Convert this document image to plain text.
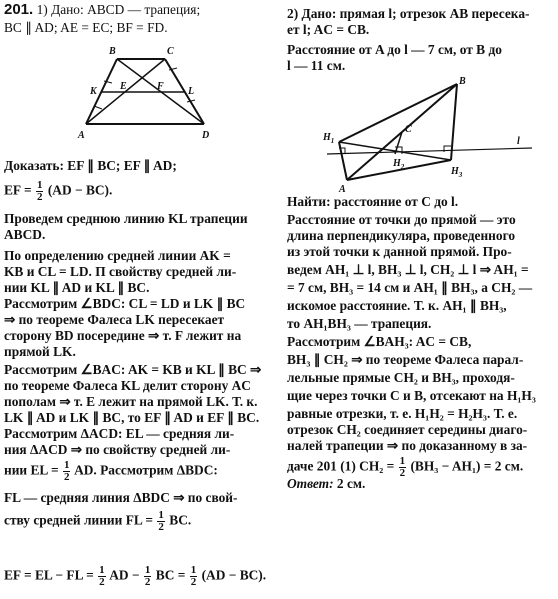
201. 1) Дано: ABCD — трапеция;
BC ∥ AD; AE = EC; BF = FD.
B	C
K E	F L
A	D
Доказать: EF ∥ BC; EF ∥ AD;
EF = $\frac{1}{2} (AD - BC)$.
Проведем среднюю линию KL трапеции
ABCD.
По определению средней линии AK =
KB и CL = LD. П свойству средней ли-
нии KL ∥ AD и KL ∥ BC.
Рассмотрим ∠BDC: CL = LD и LK ∥ BC
⇒ по теореме Фалеса LK пересекает
сторону BD посередине ⇒ т. F лежит на
прямой LK.
Рассмотрим ∠BAC: AK = KB и KL ∥ BC ⇒
по теореме Фалеса KL делит сторону AC
пополам ⇒ т. E лежит на прямой LK. Т. к.
LK ∥ AD и LK ∥ BC, то EF ∥ AD и EF ∥ BC.
Рассмотрим ΔACD: EL — средняя ли-
ния ΔACD ⇒ по свойству средней ли-
нии EL = $\frac{1}{2}$ AD. Рассмотрим ΔBDC:
FL — средняя линия ΔBDC ⇒ по свой-
ству средней линии FL = $\frac{1}{2}$ BC.
EF = EL − FL = $\frac{1}{2}$ AD − $\frac{1}{2}$ BC = $\frac{1}{2} (AD - BC)$.
2) Дано: прямая l; отрезок AB пересека-
ет l; AC = CB.
Расстояние от A до l — 7 см, от B до
l — 11 см.
B
C
$H_1$
$H_2$	$H_3$
l
A
Найти: расстояние от C до l.
Расстояние от точки до прямой — это
длина перпендикуляра, проведенного
из этой точки к данной прямой. Про-
ведем AH₁ ⊥ l, BH₃ ⊥ l, CH₂ ⊥ l ⇒ AH₁ =
= 7 см, BH₃ = 14 см и AH₁ ∥ BH₃, а CH₂ —
искомое расстояние. Т. к. AH₁ ∥ BH₃,
то AH₁BH₃ — трапеция.
Рассмотрим ∠BAH₃: AC = CB,
BH₃ ∥ CH₂ ⇒ по теореме Фалеса парал-
лельные прямые CH₂ и BH₃, проходя-
щие через точки C и B, отсекают на H₁H₃
равные отрезки, т. е. H₁H₂ = H₂H₃. Т. е.
отрезок CH₂ соединяет середины диаго-
налей трапеции ⇒ по доказанному в за-
даче 201 (1) $CH_2 = \frac{1}{2} (BH_3 - AH_1) = 2$ см.
Ответ: 2 см.
